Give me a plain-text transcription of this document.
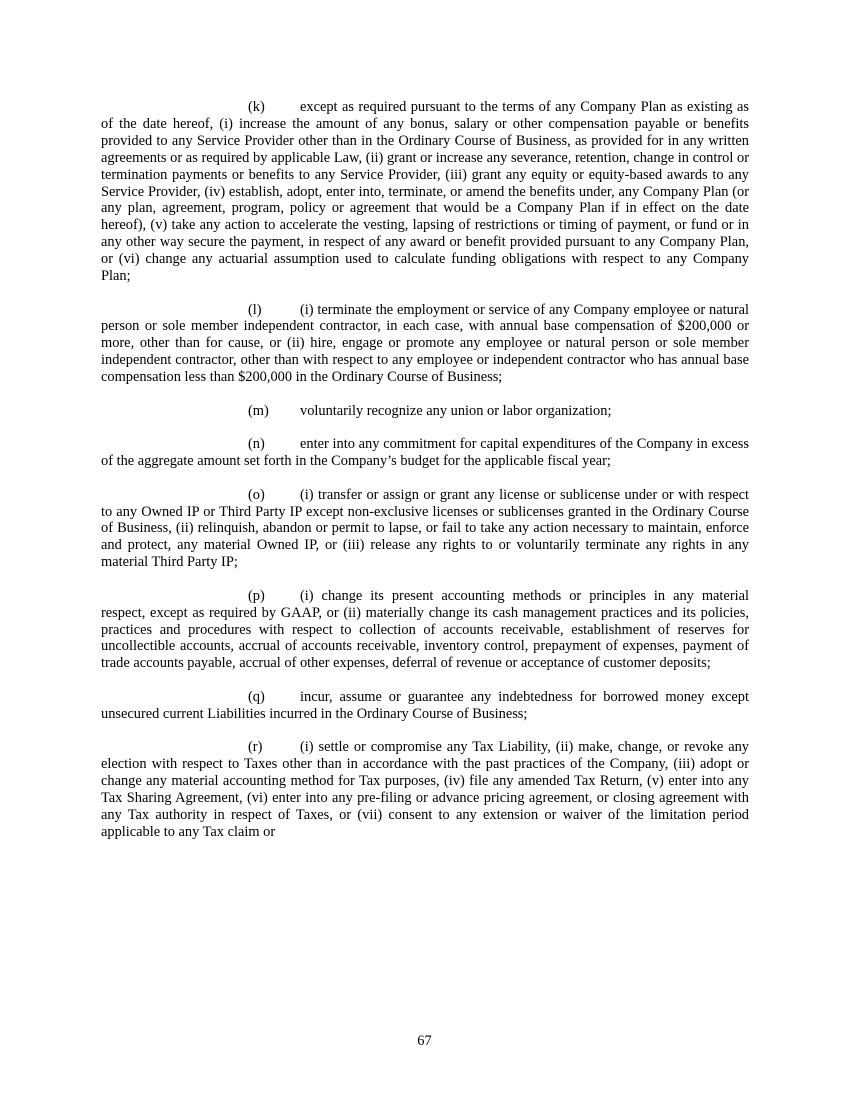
(k) except as required pursuant to the terms of any Company Plan as existing as of the date hereof, (i) increase the amount of any bonus, salary or other compensation payable or benefits provided to any Service Provider other than in the Ordinary Course of Business, as provided for in any written agreements or as required by applicable Law, (ii) grant or increase any severance, retention, change in control or termination payments or benefits to any Service Provider, (iii) grant any equity or equity-based awards to any Service Provider, (iv) establish, adopt, enter into, terminate, or amend the benefits under, any Company Plan (or any plan, agreement, program, policy or agreement that would be a Company Plan if in effect on the date hereof), (v) take any action to accelerate the vesting, lapsing of restrictions or timing of payment, or fund or in any other way secure the payment, in respect of any award or benefit provided pursuant to any Company Plan, or (vi) change any actuarial assumption used to calculate funding obligations with respect to any Company Plan;

(l)	(i) terminate the employment or service of any Company employee or natural person or sole member independent contractor, in each case, with annual base compensation of $200,000 or more, other than for cause, or (ii) hire, engage or promote any employee or natural person or sole member independent contractor, other than with respect to any employee or independent contractor who has annual base compensation less than $200,000 in the Ordinary Course of Business;

(m) voluntarily recognize any union or labor organization;

(n) enter into any commitment for capital expenditures of the Company in excess of the aggregate amount set forth in the Company’s budget for the applicable fiscal year;

(o) (i) transfer or assign or grant any license or sublicense under or with respect to any Owned IP or Third Party IP except non-exclusive licenses or sublicenses granted in the Ordinary Course of Business, (ii) relinquish, abandon or permit to lapse, or fail to take any action necessary to maintain, enforce and protect, any material Owned IP, or (iii) release any rights to or voluntarily terminate any rights in any material Third Party IP;

(p) (i) change its present accounting methods or principles in any material respect, except as required by GAAP, or (ii) materially change its cash management practices and its policies, practices and procedures with respect to collection of accounts receivable, establishment of reserves for uncollectible accounts, accrual of accounts receivable, inventory control, prepayment of expenses, payment of trade accounts payable, accrual of other expenses, deferral of revenue or acceptance of customer deposits;

(q) incur, assume or guarantee any indebtedness for borrowed money except unsecured current Liabilities incurred in the Ordinary Course of Business;

(r)	(i) settle or compromise any Tax Liability, (ii) make, change, or revoke any election with respect to Taxes other than in accordance with the past practices of the Company, (iii) adopt or change any material accounting method for Tax purposes, (iv) file any amended Tax Return, (v) enter into any Tax Sharing Agreement, (vi) enter into any pre-filing or advance pricing agreement, or closing agreement with any Tax authority in respect of Taxes, or (vii) consent to any extension or waiver of the limitation period applicable to any Tax claim or

67
